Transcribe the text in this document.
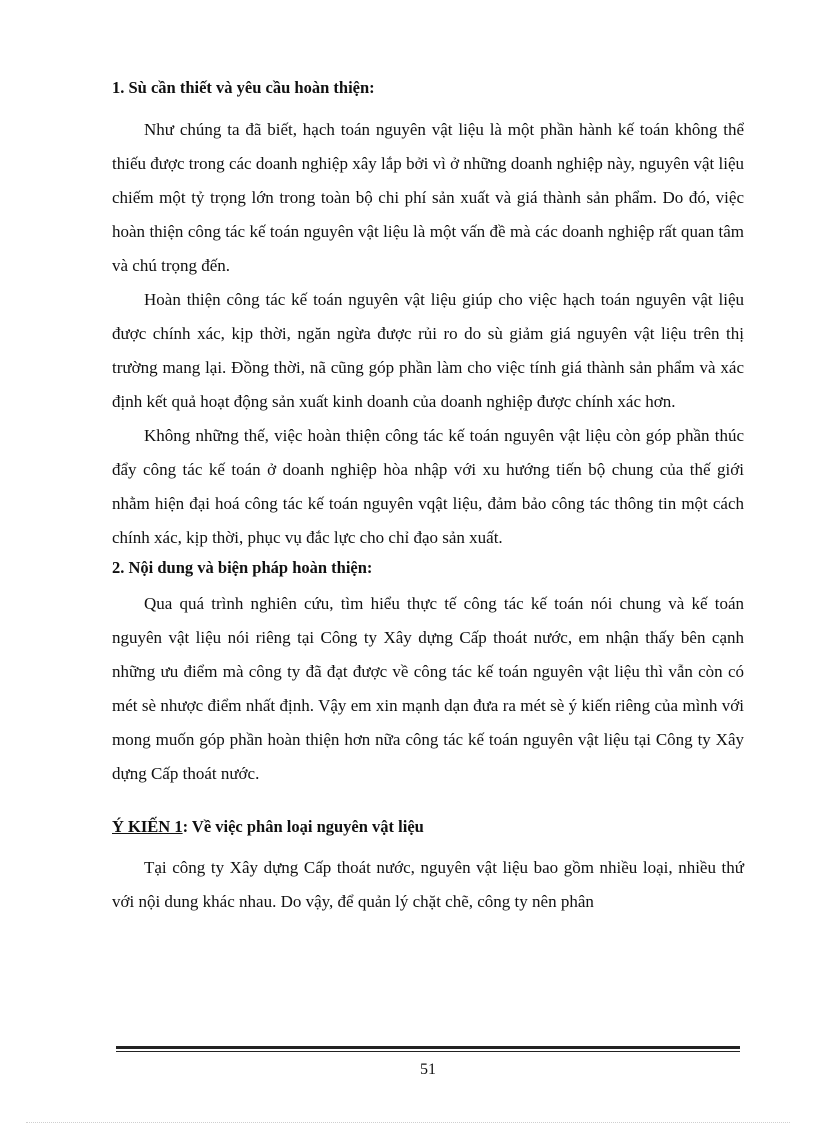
1. Sù cần thiết và yêu cầu hoàn thiện:

Như chúng ta đã biết, hạch toán nguyên vật liệu là một phần hành kế toán không thể thiếu được trong các doanh nghiệp xây lắp bởi vì ở những doanh nghiệp này, nguyên vật liệu chiếm một tỷ trọng lớn trong toàn bộ chi phí sản xuất và giá thành sản phẩm. Do đó, việc hoàn thiện công tác kế toán nguyên vật liệu là một vấn đề mà các doanh nghiệp rất quan tâm và chú trọng đến.

Hoàn thiện công tác kế toán nguyên vật liệu giúp cho việc hạch toán nguyên vật liệu được chính xác, kịp thời, ngăn ngừa được rủi ro do sù giảm giá nguyên vật liệu trên thị trường mang lại. Đồng thời, nã cũng góp phần làm cho việc tính giá thành sản phẩm và xác định kết quả hoạt động sản xuất kinh doanh của doanh nghiệp được chính xác hơn.

Không những thế, việc hoàn thiện công tác kế toán nguyên vật liệu còn góp phần thúc đẩy công tác kế toán ở doanh nghiệp hòa nhập với xu hướng tiến bộ chung của thế giới nhằm hiện đại hoá công tác kế toán nguyên vqật liệu, đảm bảo công tác thông tin một cách chính xác, kịp thời, phục vụ đắc lực cho chỉ đạo sản xuất.

2. Nội dung và biện pháp hoàn thiện:

Qua quá trình nghiên cứu, tìm hiểu thực tế công tác kế toán nói chung và kế toán nguyên vật liệu nói riêng tại Công ty Xây dựng Cấp thoát nước, em nhận thấy bên cạnh những ưu điểm mà công ty đã đạt được về công tác kế toán nguyên vật liệu thì vẫn còn có mét sè nhược điểm nhất định. Vậy em xin mạnh dạn đưa ra mét sè ý kiến riêng của mình với mong muốn góp phần hoàn thiện hơn nữa công tác kế toán nguyên vật liệu tại Công ty Xây dựng Cấp thoát nước.

Ý KIẾN 1: Về việc phân loại nguyên vật liệu

Tại công ty Xây dựng Cấp thoát nước, nguyên vật liệu bao gồm nhiều loại, nhiều thứ với nội dung khác nhau. Do vậy, để quản lý chặt chẽ, công ty nên phân

51
